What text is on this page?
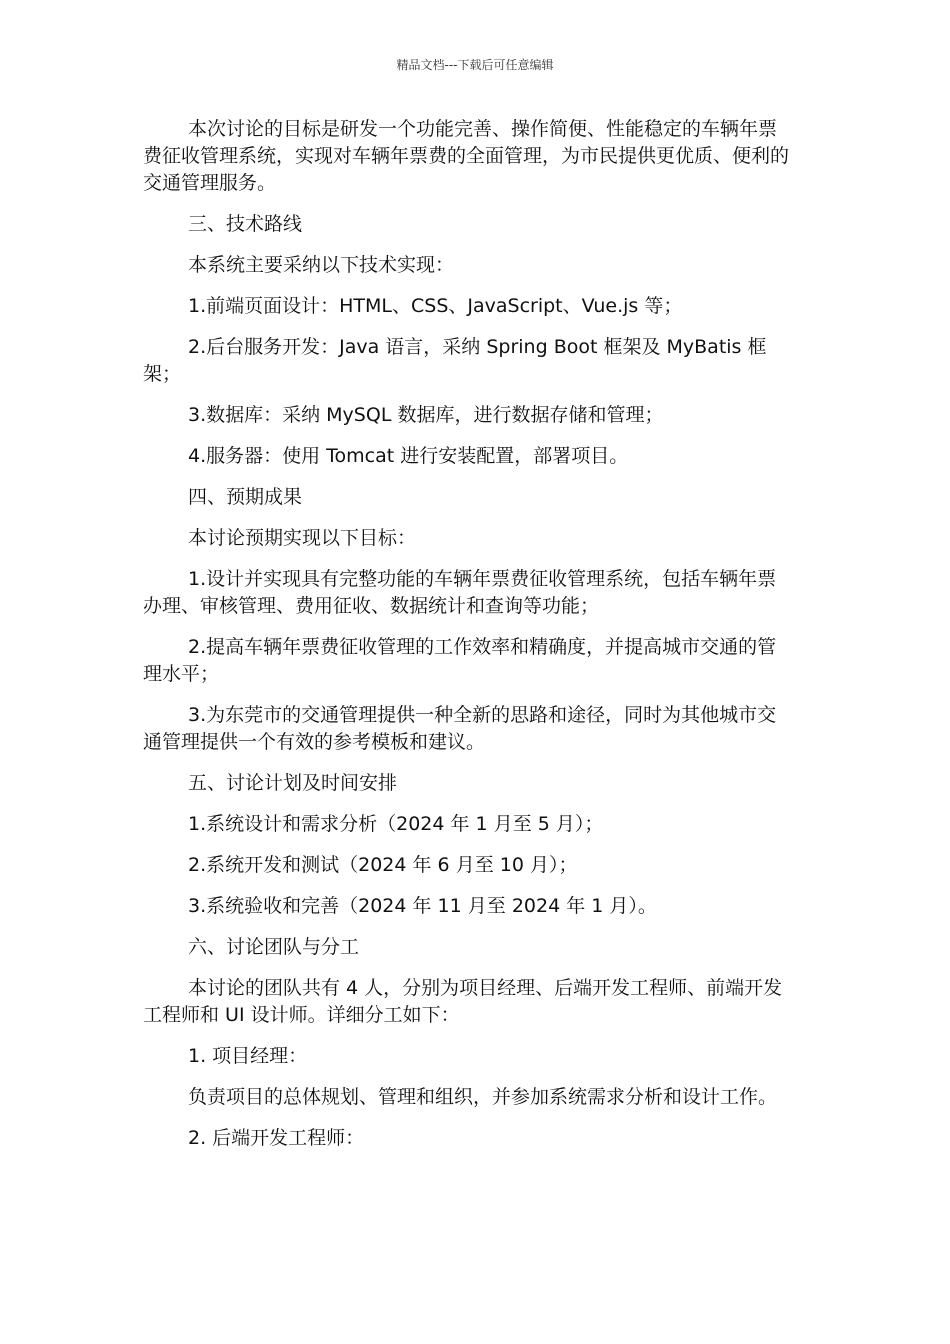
精品文档---下载后可任意编辑

本次讨论的目标是研发一个功能完善、操作简便、性能稳定的车辆年票费征收管理系统，实现对车辆年票费的全面管理，为市民提供更优质、便利的交通管理服务。

三、技术路线

本系统主要采纳以下技术实现：

1.前端页面设计：HTML、CSS、JavaScript、Vue.js 等；

2.后台服务开发：Java 语言，采纳 Spring Boot 框架及 MyBatis 框架；

3.数据库：采纳 MySQL 数据库，进行数据存储和管理；

4.服务器：使用 Tomcat 进行安装配置，部署项目。

四、预期成果

本讨论预期实现以下目标：

1.设计并实现具有完整功能的车辆年票费征收管理系统，包括车辆年票办理、审核管理、费用征收、数据统计和查询等功能；

2.提高车辆年票费征收管理的工作效率和精确度，并提高城市交通的管理水平；

3.为东莞市的交通管理提供一种全新的思路和途径，同时为其他城市交通管理提供一个有效的参考模板和建议。

五、讨论计划及时间安排

1.系统设计和需求分析（2024 年 1 月至 5 月）；

2.系统开发和测试（2024 年 6 月至 10 月）；

3.系统验收和完善（2024 年 11 月至 2024 年 1 月）。

六、讨论团队与分工

本讨论的团队共有 4 人，分别为项目经理、后端开发工程师、前端开发工程师和 UI 设计师。详细分工如下：

1. 项目经理：

负责项目的总体规划、管理和组织，并参加系统需求分析和设计工作。

2. 后端开发工程师：
